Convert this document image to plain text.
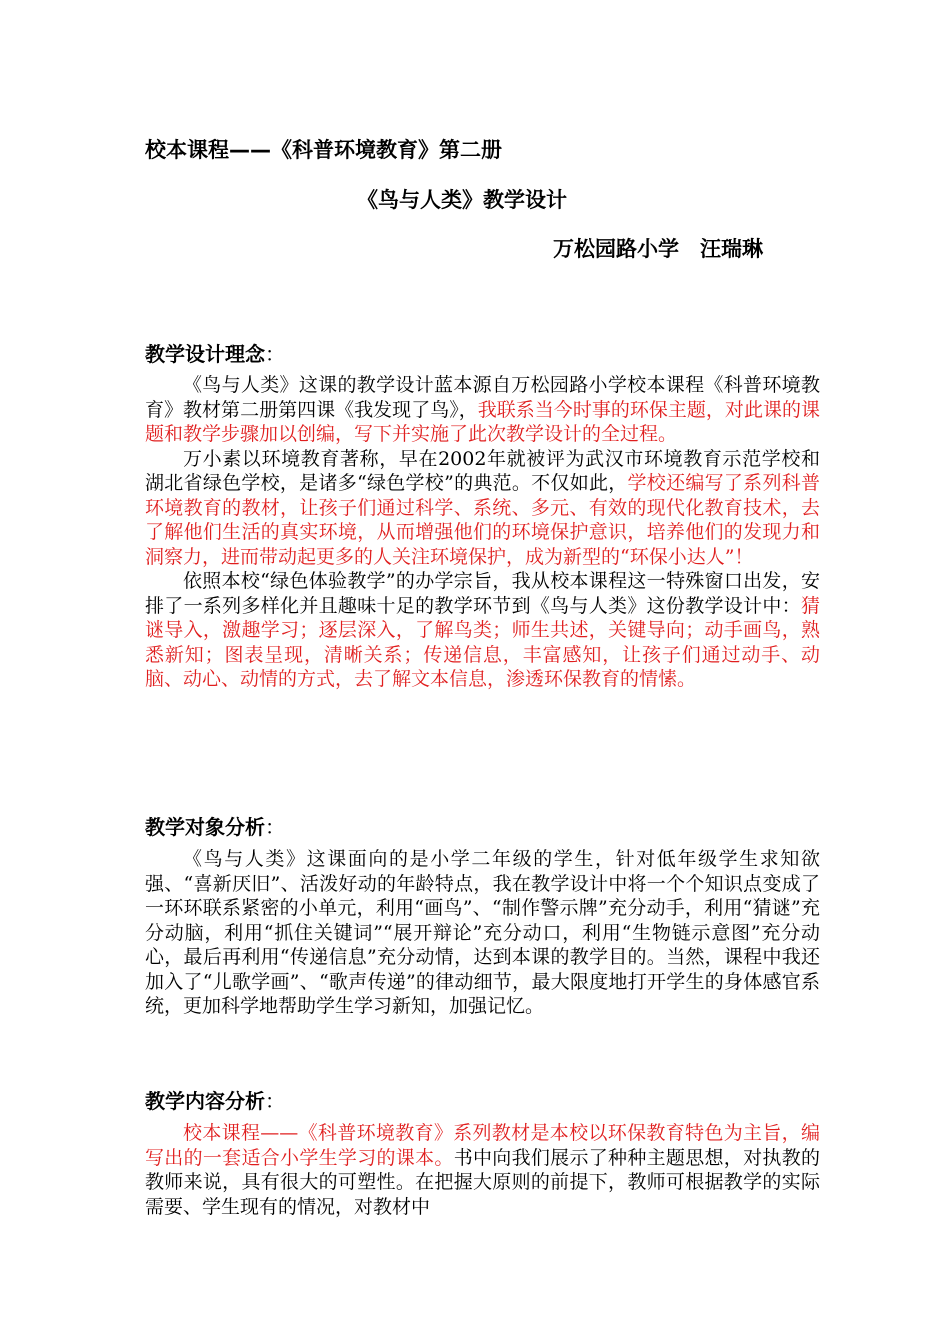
校本课程——《科普环境教育》第二册
《鸟与人类》教学设计
万松园路小学　汪瑞琳
教学设计理念：

《鸟与人类》这课的教学设计蓝本源自万松园路小学校本课程《科普环境教育》教材第二册第四课《我发现了鸟》，我联系当今时事的环保主题，对此课的课题和教学步骤加以创编，写下并实施了此次教学设计的全过程。

万小素以环境教育著称，早在2002年就被评为武汉市环境教育示范学校和湖北省绿色学校，是诸多“绿色学校”的典范。不仅如此，学校还编写了系列科普环境教育的教材，让孩子们通过科学、系统、多元、有效的现代化教育技术，去了解他们生活的真实环境，从而增强他们的环境保护意识，培养他们的发现力和洞察力，进而带动起更多的人关注环境保护，成为新型的“环保小达人”！

依照本校“绿色体验教学”的办学宗旨，我从校本课程这一特殊窗口出发，安排了一系列多样化并且趣味十足的教学环节到《鸟与人类》这份教学设计中：猜谜导入，激趣学习；逐层深入，了解鸟类；师生共述，关键导向；动手画鸟，熟悉新知；图表呈现，清晰关系；传递信息，丰富感知，让孩子们通过动手、动脑、动心、动情的方式，去了解文本信息，渗透环保教育的情愫。

教学对象分析：

《鸟与人类》这课面向的是小学二年级的学生，针对低年级学生求知欲强、“喜新厌旧”、活泼好动的年龄特点，我在教学设计中将一个个知识点变成了一环环联系紧密的小单元，利用“画鸟”、“制作警示牌”充分动手，利用“猜谜”充分动脑，利用“抓住关键词”“展开辩论”充分动口，利用“生物链示意图”充分动心，最后再利用“传递信息”充分动情，达到本课的教学目的。当然，课程中我还加入了“儿歌学画”、“歌声传递”的律动细节，最大限度地打开学生的身体感官系统，更加科学地帮助学生学习新知，加强记忆。

教学内容分析：

校本课程——《科普环境教育》系列教材是本校以环保教育特色为主旨，编写出的一套适合小学生学习的课本。书中向我们展示了种种主题思想，对执教的教师来说，具有很大的可塑性。在把握大原则的前提下，教师可根据教学的实际需要、学生现有的情况，对教材中
